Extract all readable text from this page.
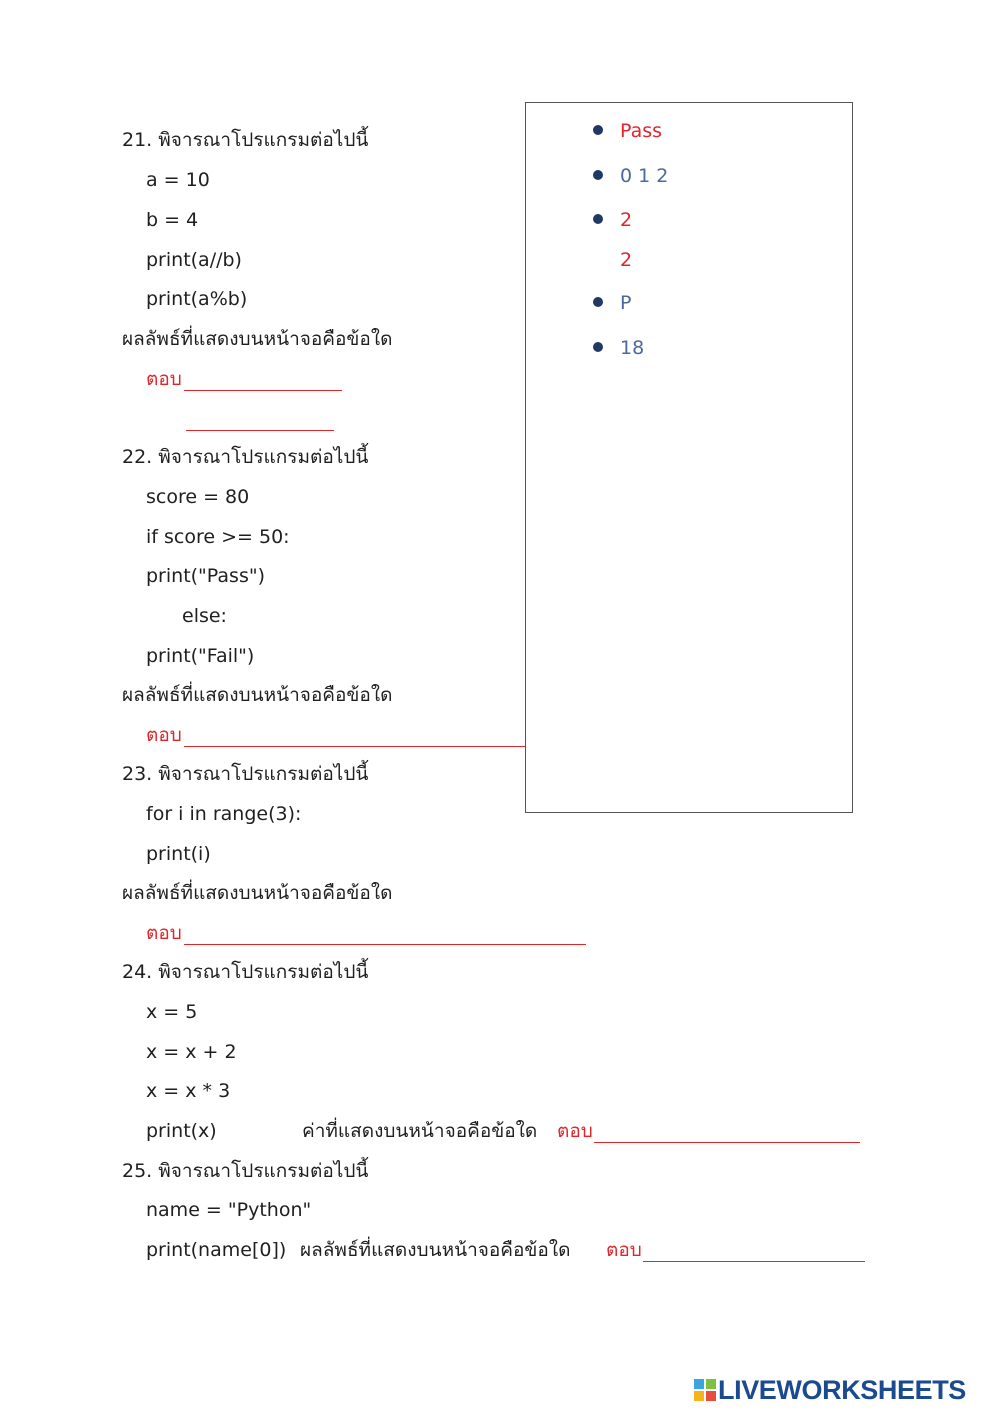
21. พิจารณาโปรแกรมต่อไปนี้
a = 10
b = 4
print(a//b)
print(a%b)
ผลลัพธ์ที่แสดงบนหน้าจอคือข้อใด
ตอบ
22. พิจารณาโปรแกรมต่อไปนี้
score = 80
if score >= 50:
print("Pass")
else:
print("Fail")
ผลลัพธ์ที่แสดงบนหน้าจอคือข้อใด
ตอบ
23. พิจารณาโปรแกรมต่อไปนี้
for i in range(3):
print(i)
ผลลัพธ์ที่แสดงบนหน้าจอคือข้อใด
ตอบ
24. พิจารณาโปรแกรมต่อไปนี้
x = 5
x = x + 2
x = x * 3
print(x)	ค่าที่แสดงบนหน้าจอคือข้อใด ตอบ
25. พิจารณาโปรแกรมต่อไปนี้
name = "Python"
print(name[0]) ผลลัพธ์ที่แสดงบนหน้าจอคือข้อใด ตอบ
Pass
0 1 2
2
2
P
18
LIVEWORKSHEETS
